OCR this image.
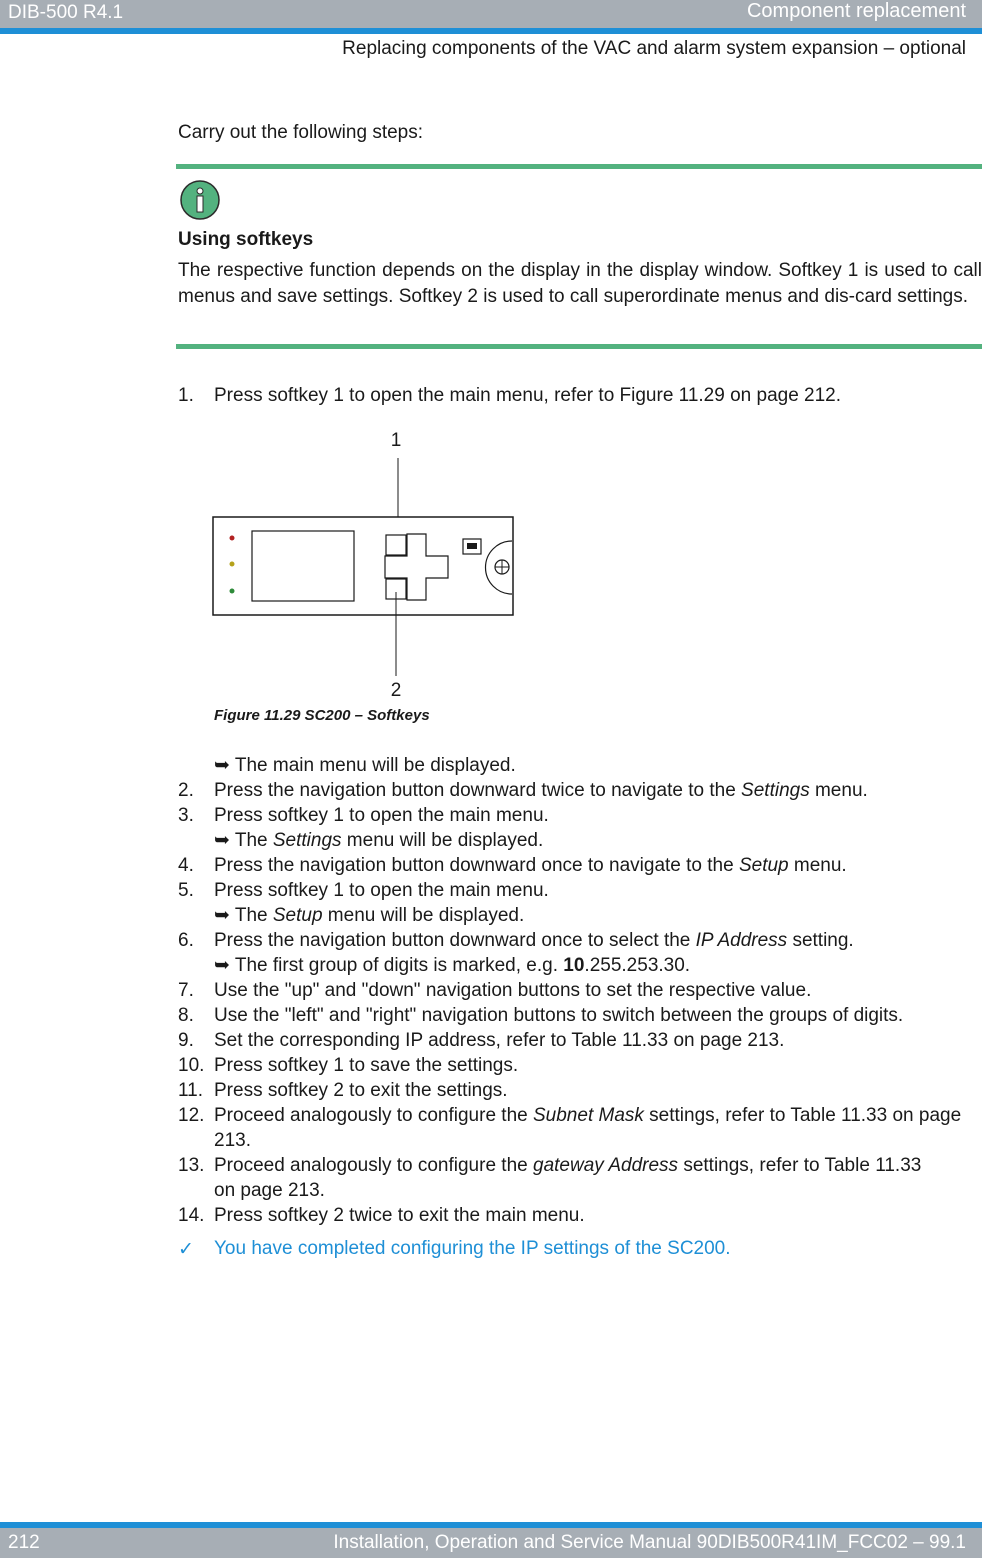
DIB-500 R4.1	Component replacement
Replacing components of the VAC and alarm system expansion – optional
Carry out the following steps:
Using softkeys
The respective function depends on the display in the display window. Softkey 1 is used to call menus and save settings. Softkey 2 is used to call superordinate menus and dis-card settings.
1. Press softkey 1 to open the main menu, refer to Figure 11.29 on page 212.
1
2
Figure 11.29 SC200 – Softkeys
➥ The main menu will be displayed.
2. Press the navigation button downward twice to navigate to the Settings menu.
3. Press softkey 1 to open the main menu.
➥ The Settings menu will be displayed.
4. Press the navigation button downward once to navigate to the Setup menu.
5. Press softkey 1 to open the main menu.
➥ The Setup menu will be displayed.
6. Press the navigation button downward once to select the IP Address setting.
➥ The first group of digits is marked, e.g. 10.255.253.30.
7. Use the "up" and "down" navigation buttons to set the respective value.
8. Use the "left" and "right" navigation buttons to switch between the groups of digits.
9. Set the corresponding IP address, refer to Table 11.33 on page 213.
10. Press softkey 1 to save the settings.
11. Press softkey 2 to exit the settings.
12. Proceed analogously to configure the Subnet Mask settings, refer to Table 11.33 on page 213.
13. Proceed analogously to configure the gateway Address settings, refer to Table 11.33 on page 213.
14. Press softkey 2 twice to exit the main menu.
✓ You have completed configuring the IP settings of the SC200.
212	Installation, Operation and Service Manual 90DIB500R41IM_FCC02 – 99.1
